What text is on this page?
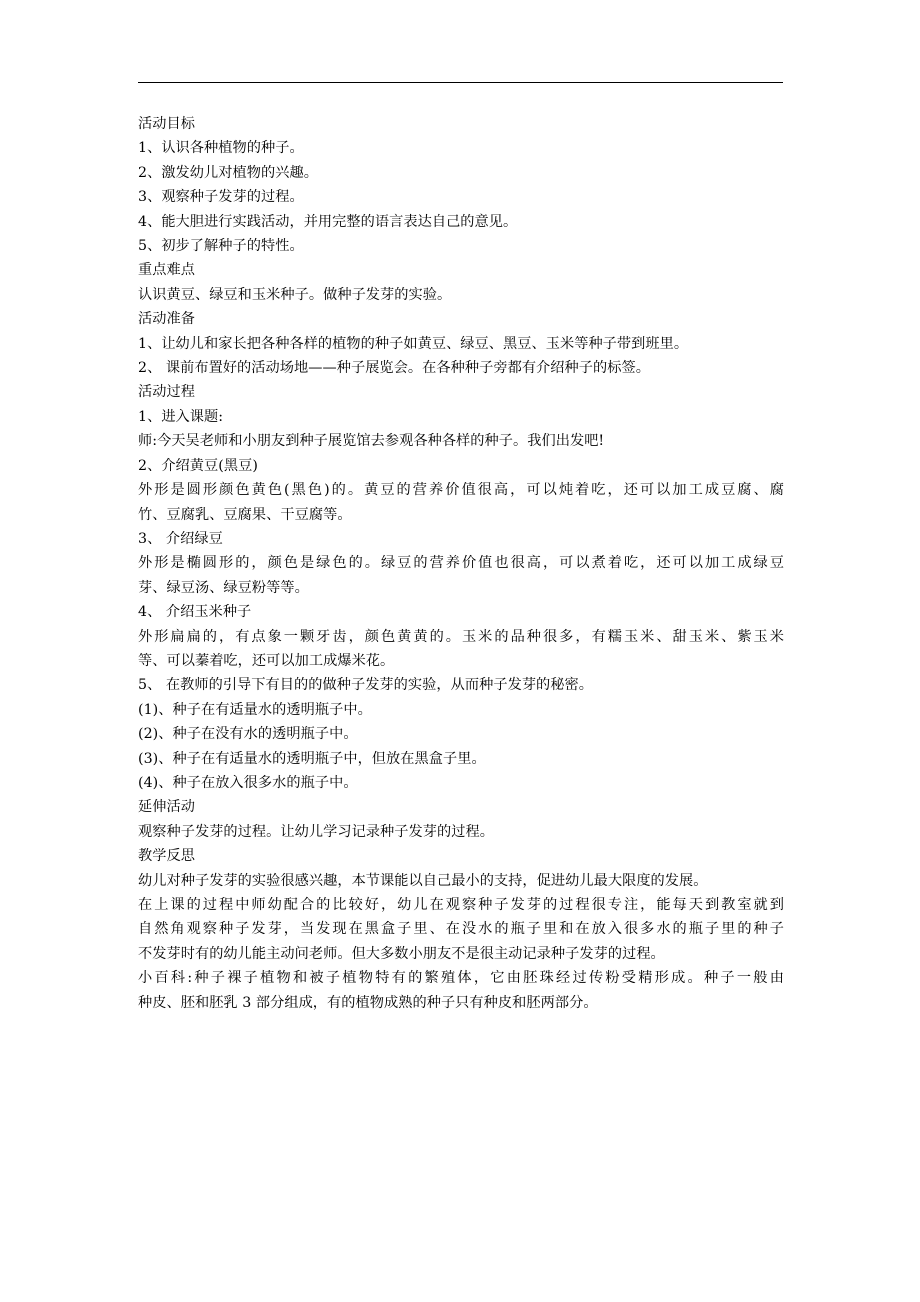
活动目标
1、认识各种植物的种子。
2、激发幼儿对植物的兴趣。
3、观察种子发芽的过程。
4、能大胆进行实践活动，并用完整的语言表达自己的意见。
5、初步了解种子的特性。
重点难点
认识黄豆、绿豆和玉米种子。做种子发芽的实验。
活动准备
1、让幼儿和家长把各种各样的植物的种子如黄豆、绿豆、黑豆、玉米等种子带到班里。
2、 课前布置好的活动场地——种子展览会。在各种种子旁都有介绍种子的标签。
活动过程
1、进入课题:
师:今天吴老师和小朋友到种子展览馆去参观各种各样的种子。我们出发吧!
2、介绍黄豆(黑豆)
外形是圆形颜色黄色(黑色)的。黄豆的营养价值很高，可以炖着吃，还可以加工成豆腐、腐
竹、豆腐乳、豆腐果、干豆腐等。
3、 介绍绿豆
外形是椭圆形的，颜色是绿色的。绿豆的营养价值也很高，可以煮着吃，还可以加工成绿豆
芽、绿豆汤、绿豆粉等等。
4、 介绍玉米种子
外形扁扁的，有点象一颗牙齿，颜色黄黄的。玉米的品种很多，有糯玉米、甜玉米、紫玉米
等、可以蓁着吃，还可以加工成爆米花。
5、 在教师的引导下有目的的做种子发芽的实验，从而种子发芽的秘密。
(1)、种子在有适量水的透明瓶子中。
(2)、种子在没有水的透明瓶子中。
(3)、种子在有适量水的透明瓶子中，但放在黑盒子里。
(4)、种子在放入很多水的瓶子中。
延伸活动
观察种子发芽的过程。让幼儿学习记录种子发芽的过程。
教学反思
幼儿对种子发芽的实验很感兴趣，本节课能以自己最小的支持，促进幼儿最大限度的发展。
在上课的过程中师幼配合的比较好，幼儿在观察种子发芽的过程很专注，能每天到教室就到
自然角观察种子发芽，当发现在黑盒子里、在没水的瓶子里和在放入很多水的瓶子里的种子
不发芽时有的幼儿能主动问老师。但大多数小朋友不是很主动记录种子发芽的过程。
小百科:种子裸子植物和被子植物特有的繁殖体，它由胚珠经过传粉受精形成。种子一般由
种皮、胚和胚乳 3 部分组成，有的植物成熟的种子只有种皮和胚两部分。
